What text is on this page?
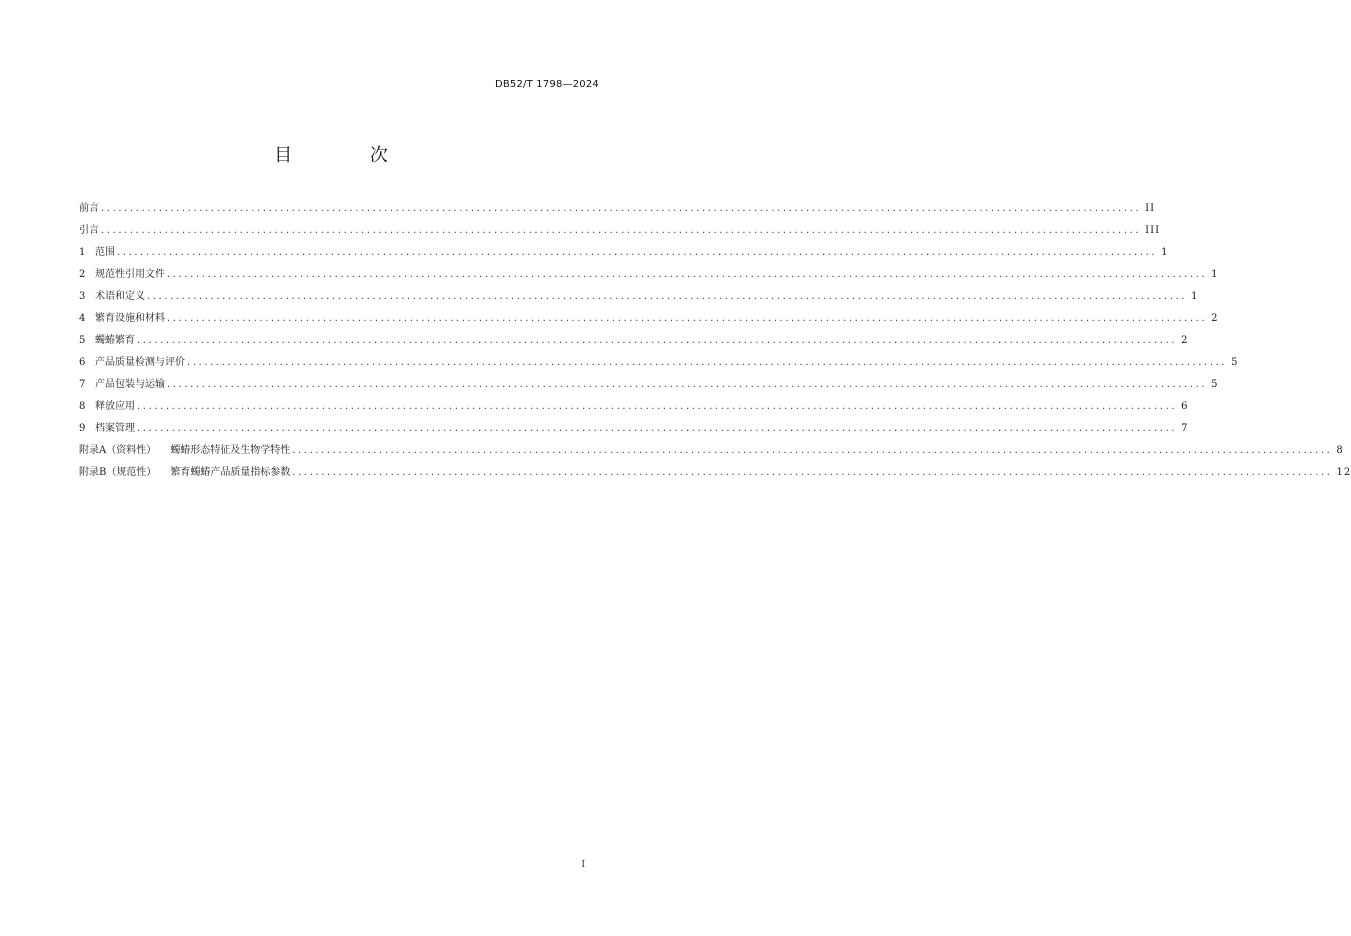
DB52/T 1798—2024
目 次
前言 .................................................................................................................................................................................... II
引言 .................................................................................................................................................................................... III
1 范围 .................................................................................................................................................................................... 1
2 规范性引用文件 .................................................................................................................................................................................... 1
3 术语和定义 .................................................................................................................................................................................... 1
4 繁育设施和材料 .................................................................................................................................................................................... 2
5 蠋蝽繁育 .................................................................................................................................................................................... 2
6 产品质量检测与评价 .................................................................................................................................................................................... 5
7 产品包装与运输 .................................................................................................................................................................................... 5
8 释放应用 .................................................................................................................................................................................... 6
9 档案管理 .................................................................................................................................................................................... 7
附录A（资料性） 蠋蝽形态特征及生物学特性 .................................................................................................................................................................................... 8
附录B（规范性） 繁育蠋蝽产品质量指标参数 .................................................................................................................................................................................... 12
I
